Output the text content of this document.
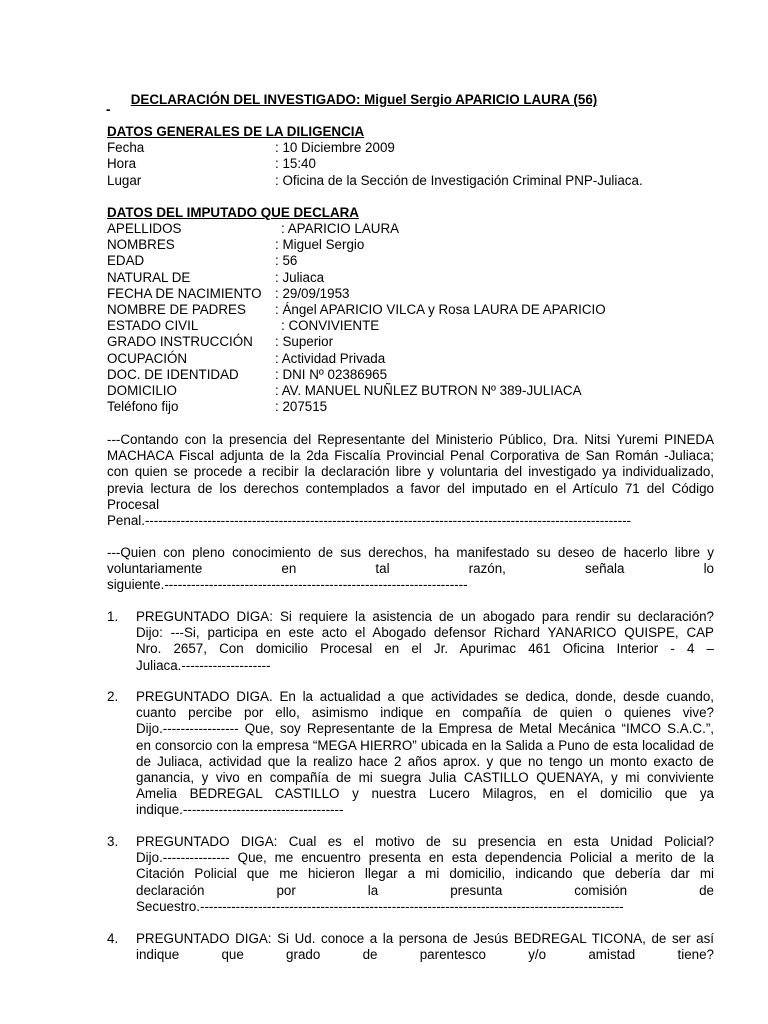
DECLARACIÓN DEL INVESTIGADO: Miguel Sergio APARICIO LAURA (56)
-
DATOS GENERALES DE LA DILIGENCIA
Fecha	: 10 Diciembre 2009
Hora	: 15:40
Lugar	: Oficina de la Sección de Investigación Criminal PNP-Juliaca.
DATOS DEL IMPUTADO QUE DECLARA
APELLIDOS	: APARICIO LAURA
NOMBRES	: Miguel Sergio
EDAD	: 56
NATURAL DE	: Juliaca
FECHA DE NACIMIENTO : 29/09/1953
NOMBRE DE PADRES : Ángel APARICIO VILCA y Rosa LAURA DE APARICIO
ESTADO CIVIL	: CONVIVIENTE
GRADO INSTRUCCIÓN : Superior
OCUPACIÓN	: Actividad Privada
DOC. DE IDENTIDAD	: DNI Nº 02386965
DOMICILIO	: AV. MANUEL NUÑLEZ BUTRON Nº 389-JULIACA
Teléfono fijo	: 207515
---Contando con la presencia del Representante del Ministerio Público, Dra. Nitsi Yuremi PINEDA
MACHACA Fiscal adjunta de la 2da Fiscalía Provincial Penal Corporativa de San Román -Juliaca;
con quien se procede a recibir la declaración libre y voluntaria del investigado ya individualizado,
previa lectura de los derechos contemplados a favor del imputado en el Artículo 71 del Código
Procesal
Penal.-------------------------------------------------------------------------------------------------------------
---Quien con pleno conocimiento de sus derechos, ha manifestado su deseo de hacerlo libre y
voluntariamente en tal razón, señala lo
siguiente.--------------------------------------------------------------------
1. PREGUNTADO DIGA: Si requiere la asistencia de un abogado para rendir su declaración?
Dijo: ---Si, participa en este acto el Abogado defensor Richard YANARICO QUISPE, CAP
Nro. 2657, Con domicilio Procesal en el Jr. Apurimac 461 Oficina Interior - 4 –
Juliaca.--------------------
2. PREGUNTADO DIGA. En la actualidad a que actividades se dedica, donde, desde cuando,
cuanto percibe por ello, asimismo indique en compañía de quien o quienes vive?
Dijo.----------------- Que, soy Representante de la Empresa de Metal Mecánica “IMCO S.A.C.”,
en consorcio con la empresa “MEGA HIERRO” ubicada en la Salida a Puno de esta localidad de
de Juliaca, actividad que la realizo hace 2 años aprox. y que no tengo un monto exacto de
ganancia, y vivo en compañía de mi suegra Julia CASTILLO QUENAYA, y mi conviviente
Amelia BEDREGAL CASTILLO y nuestra Lucero Milagros, en el domicilio que ya
indique.------------------------------------
3. PREGUNTADO DIGA: Cual es el motivo de su presencia en esta Unidad Policial?
Dijo.--------------- Que, me encuentro presenta en esta dependencia Policial a merito de la
Citación Policial que me hicieron llegar a mi domicilio, indicando que debería dar mi
declaración por la presunta comisión de
Secuestro.-----------------------------------------------------------------------------------------------
4. PREGUNTADO DIGA: Si Ud. conoce a la persona de Jesús BEDREGAL TICONA, de ser así
indique que grado de parentesco y/o amistad tiene?
